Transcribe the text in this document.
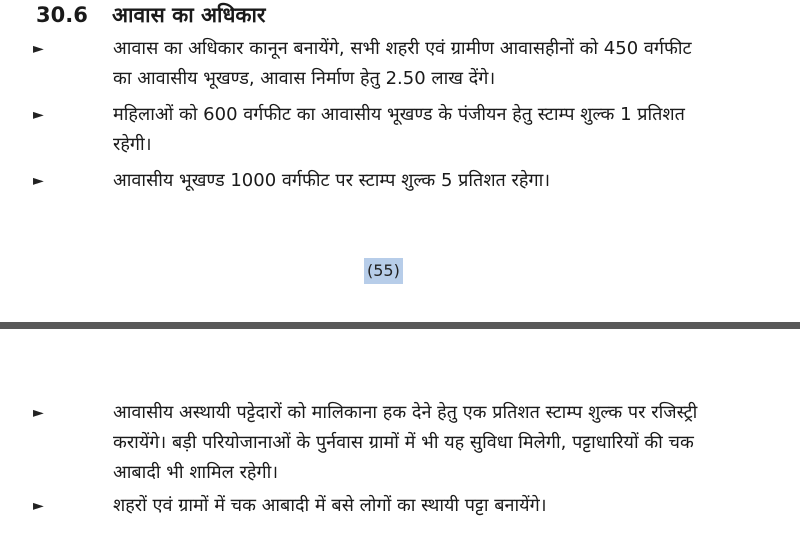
30.6	आवास का अधिकार
►	आवास का अधिकार कानून बनायेंगे, सभी शहरी एवं ग्रामीण आवासहीनों को 450 वर्गफीट
का आवासीय भूखण्ड, आवास निर्माण हेतु 2.50 लाख देंगे।
►	महिलाओं को 600 वर्गफीट का आवासीय भूखण्ड के पंजीयन हेतु स्टाम्प शुल्क 1 प्रतिशत
रहेगी।
►	आवासीय भूखण्ड 1000 वर्गफीट पर स्टाम्प शुल्क 5 प्रतिशत रहेगा।
(55)
►	आवासीय अस्थायी पट्टेदारों को मालिकाना हक देने हेतु एक प्रतिशत स्टाम्प शुल्क पर रजिस्ट्री
करायेंगे। बड़ी परियोजानाओं के पुर्नवास ग्रामों में भी यह सुविधा मिलेगी, पट्टाधारियों की चक
आबादी भी शामिल रहेगी।
►	शहरों एवं ग्रामों में चक आबादी में बसे लोगों का स्थायी पट्टा बनायेंगे।
